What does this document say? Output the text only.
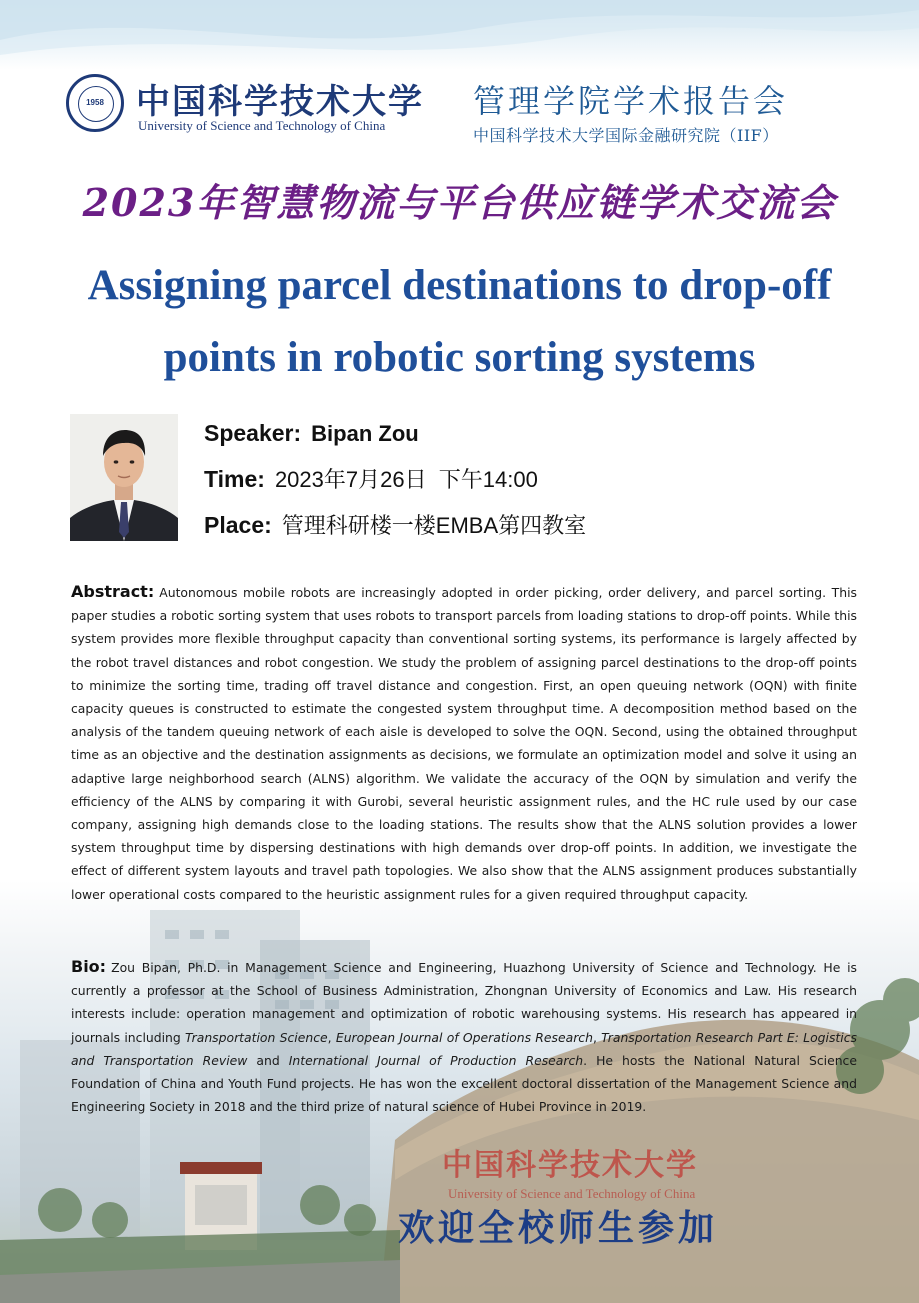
1958 中国科学技术大学
University of Science and Technology of China
管理学院学术报告会
中国科学技术大学国际金融研究院（IIF）
2023年智慧物流与平台供应链学术交流会
Assigning parcel destinations to drop-off points in robotic sorting systems
Speaker: Bipan Zou
Time: 2023年7月26日  下午14:00
Place: 管理科研楼一楼EMBA第四教室
Abstract: Autonomous mobile robots are increasingly adopted in order picking, order delivery, and parcel sorting. This paper studies a robotic sorting system that uses robots to transport parcels from loading stations to drop-off points. While this system provides more flexible throughput capacity than conventional sorting systems, its performance is largely affected by the robot travel distances and robot congestion. We study the problem of assigning parcel destinations to the drop-off points to minimize the sorting time, trading off travel distance and congestion. First, an open queuing network (OQN) with finite capacity queues is constructed to estimate the congested system throughput time. A decomposition method based on the analysis of the tandem queuing network of each aisle is developed to solve the OQN. Second, using the obtained throughput time as an objective and the destination assignments as decisions, we formulate an optimization model and solve it using an adaptive large neighborhood search (ALNS) algorithm. We validate the accuracy of the OQN by simulation and verify the efficiency of the ALNS by comparing it with Gurobi, several heuristic assignment rules, and the HC rule used by our case company, assigning high demands close to the loading stations. The results show that the ALNS solution provides a lower system throughput time by dispersing destinations with high demands over drop-off points. In addition, we investigate the effect of different system layouts and travel path topologies. We also show that the ALNS assignment produces substantially lower operational costs compared to the heuristic assignment rules for a given required throughput capacity.
Bio: Zou Bipan, Ph.D. in Management Science and Engineering, Huazhong University of Science and Technology. He is currently a professor at the School of Business Administration, Zhongnan University of Economics and Law. His research interests include: operation management and optimization of robotic warehousing systems. His research has appeared in journals including Transportation Science, European Journal of Operations Research, Transportation Research Part E: Logistics and Transportation Review and International Journal of Production Research. He hosts the National Natural Science Foundation of China and Youth Fund projects. He has won the excellent doctoral dissertation of the Management Science and Engineering Society in 2018 and the third prize of natural science of Hubei Province in 2019.
中国科学技术大学
University of Science and Technology of China
欢迎全校师生参加
